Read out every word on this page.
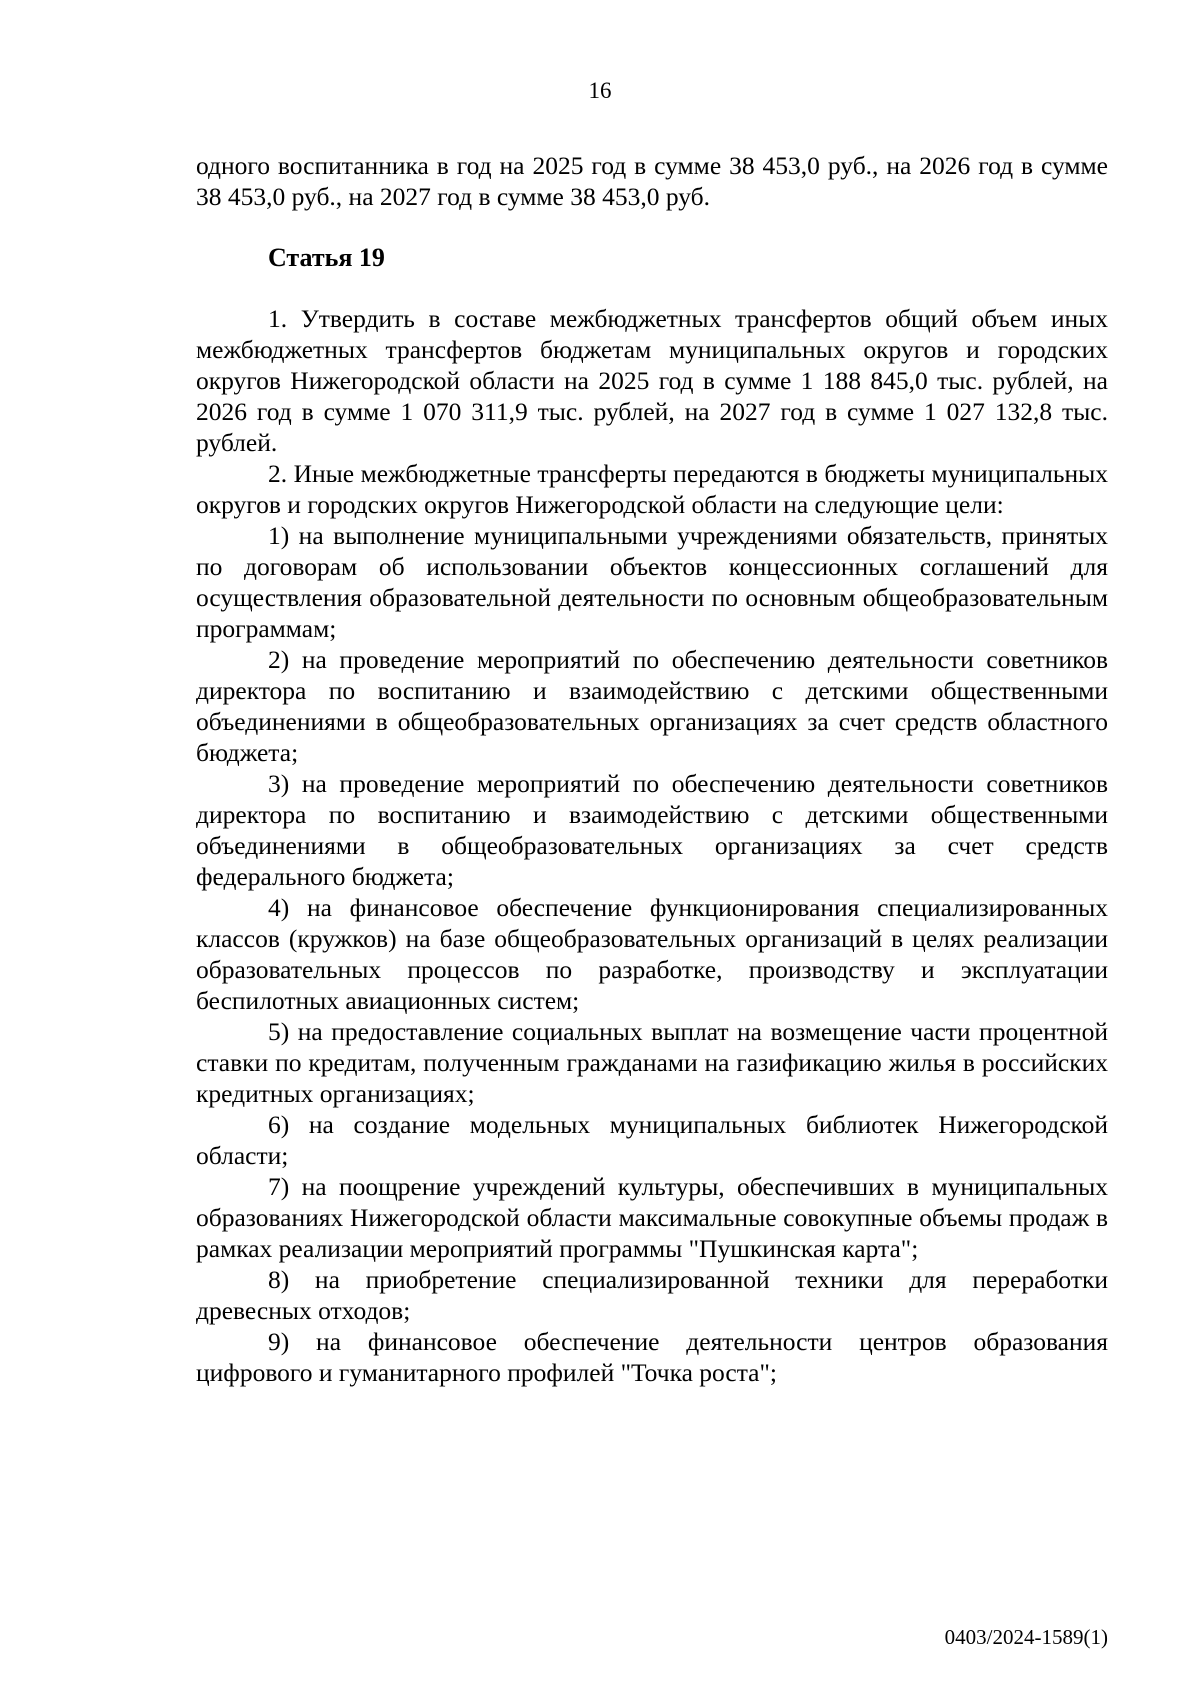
16

одного воспитанника в год на 2025 год в сумме 38 453,0 руб., на 2026 год в сумме 38 453,0 руб., на 2027 год в сумме 38 453,0 руб.

Статья 19

1. Утвердить в составе межбюджетных трансфертов общий объем иных межбюджетных трансфертов бюджетам муниципальных округов и городских округов Нижегородской области на 2025 год в сумме 1 188 845,0 тыс. рублей, на 2026 год в сумме 1 070 311,9 тыс. рублей, на 2027 год в сумме 1 027 132,8 тыс. рублей.

2. Иные межбюджетные трансферты передаются в бюджеты муниципальных округов и городских округов Нижегородской области на следующие цели:

1) на выполнение муниципальными учреждениями обязательств, принятых по договорам об использовании объектов концессионных соглашений для осуществления образовательной деятельности по основным общеобразовательным программам;

2) на проведение мероприятий по обеспечению деятельности советников директора по воспитанию и взаимодействию с детскими общественными объединениями в общеобразовательных организациях за счет средств областного бюджета;

3) на проведение мероприятий по обеспечению деятельности советников директора по воспитанию и взаимодействию с детскими общественными объединениями в общеобразовательных организациях за счет средств федерального бюджета;

4) на финансовое обеспечение функционирования специализированных классов (кружков) на базе общеобразовательных организаций в целях реализации образовательных процессов по разработке, производству и эксплуатации беспилотных авиационных систем;

5) на предоставление социальных выплат на возмещение части процентной ставки по кредитам, полученным гражданами на газификацию жилья в российских кредитных организациях;

6) на создание модельных муниципальных библиотек Нижегородской области;

7) на поощрение учреждений культуры, обеспечивших в муниципальных образованиях Нижегородской области максимальные совокупные объемы продаж в рамках реализации мероприятий программы "Пушкинская карта";

8) на приобретение специализированной техники для переработки древесных отходов;

9) на финансовое обеспечение деятельности центров образования цифрового и гуманитарного профилей "Точка роста";

0403/2024-1589(1)
